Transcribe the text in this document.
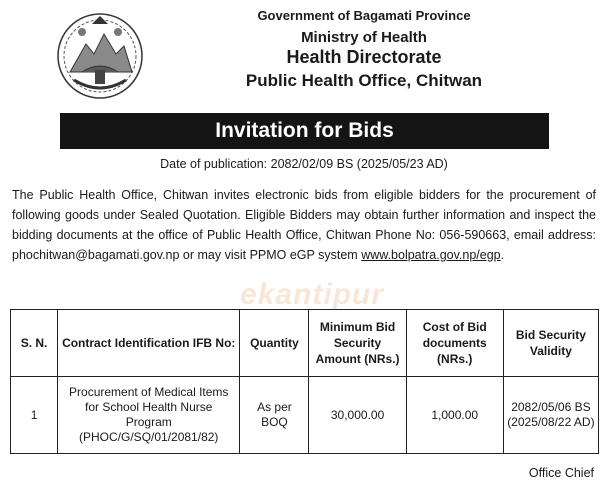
Government of Bagamati Province
Ministry of Health
Health Directorate
Public Health Office, Chitwan
Invitation for Bids
Date of publication: 2082/02/09 BS (2025/05/23 AD)
The Public Health Office, Chitwan invites electronic bids from eligible bidders for the procurement of following goods under Sealed Quotation. Eligible Bidders may obtain further information and inspect the bidding documents at the office of Public Health Office, Chitwan Phone No: 056-590663, email address: phochitwan@bagamati.gov.np or may visit PPMO eGP system www.bolpatra.gov.np/egp.
ekantipur
S. N.	Contract Identification IFB No:	Quantity	Minimum Bid Security Amount (NRs.)	Cost of Bid documents (NRs.)	Bid Security Validity
1	Procurement of Medical Items for School Health Nurse Program (PHOC/G/SQ/01/2081/82)	As per BOQ	30,000.00	1,000.00	2082/05/06 BS (2025/08/22 AD)
Office Chief
